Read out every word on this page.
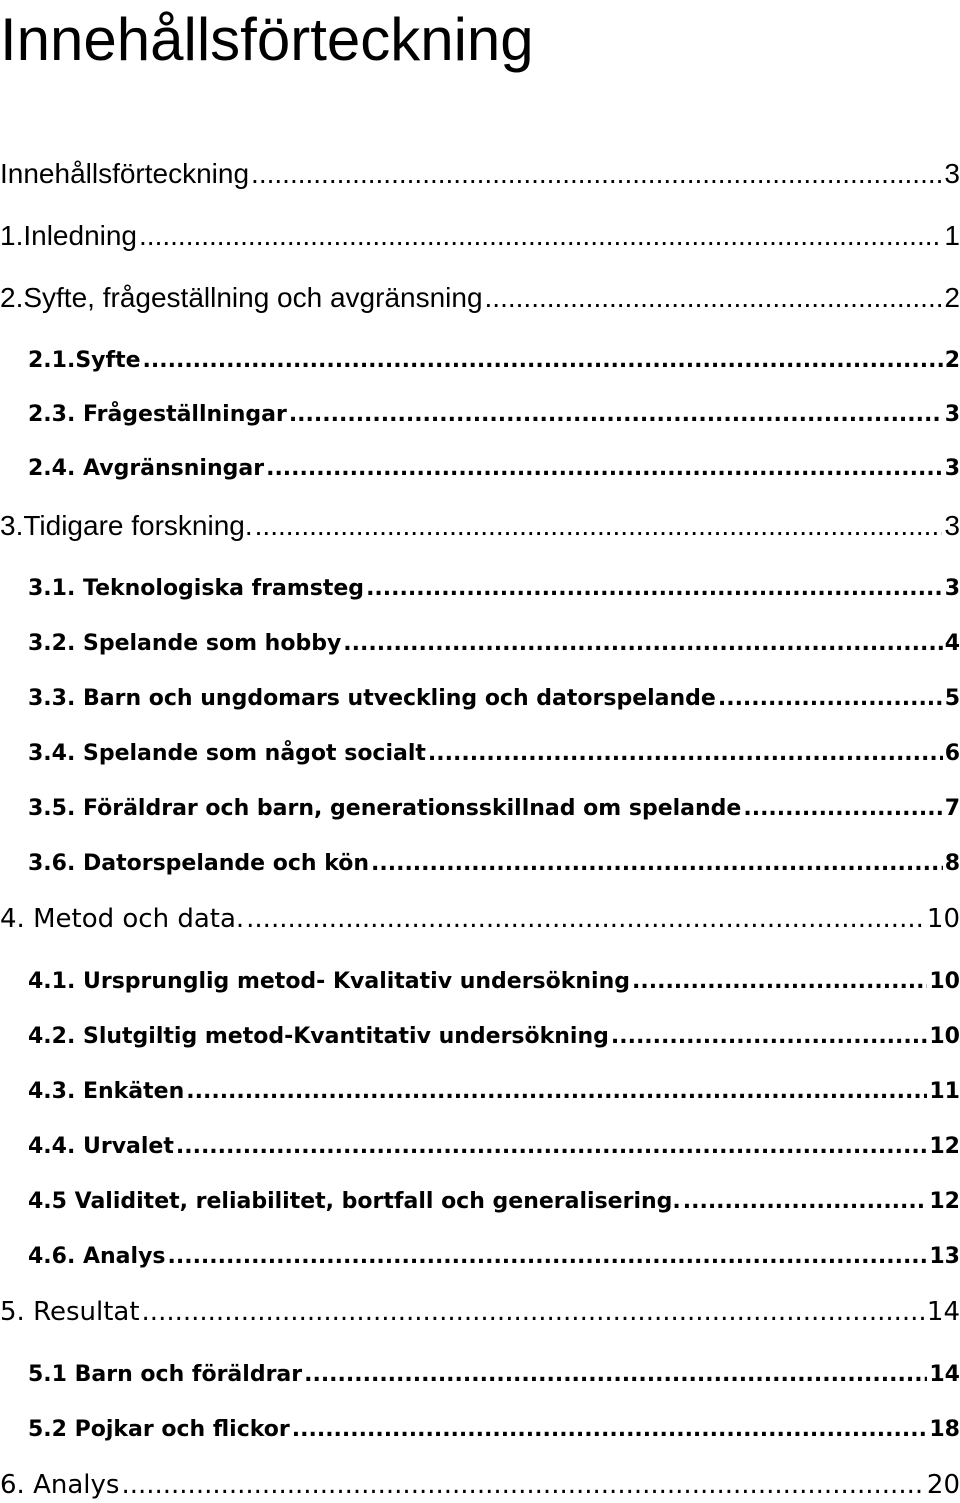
Innehållsförteckning
Innehållsförteckning .....	3
1.Inledning .....	1
2.Syfte, frågeställning och avgränsning .....	2
2.1.Syfte .....	2
2.3. Frågeställningar .....	3
2.4. Avgränsningar .....	3
3.Tidigare forskning. .....	3
3.1. Teknologiska framsteg .....	3
3.2. Spelande som hobby .....	4
3.3. Barn och ungdomars utveckling och datorspelande .....	5
3.4. Spelande som något socialt .....	6
3.5. Föräldrar och barn, generationsskillnad om spelande .....	7
3.6. Datorspelande och kön .....	8
4. Metod och data. .....	10
4.1. Ursprunglig metod- Kvalitativ undersökning .....	10
4.2. Slutgiltig metod-Kvantitativ undersökning .....	10
4.3. Enkäten .....	11
4.4. Urvalet .....	12
4.5 Validitet, reliabilitet, bortfall och generalisering. .....	12
4.6. Analys .....	13
5. Resultat .....	14
5.1 Barn och föräldrar .....	14
5.2 Pojkar och flickor .....	18
6. Analys .....	20
